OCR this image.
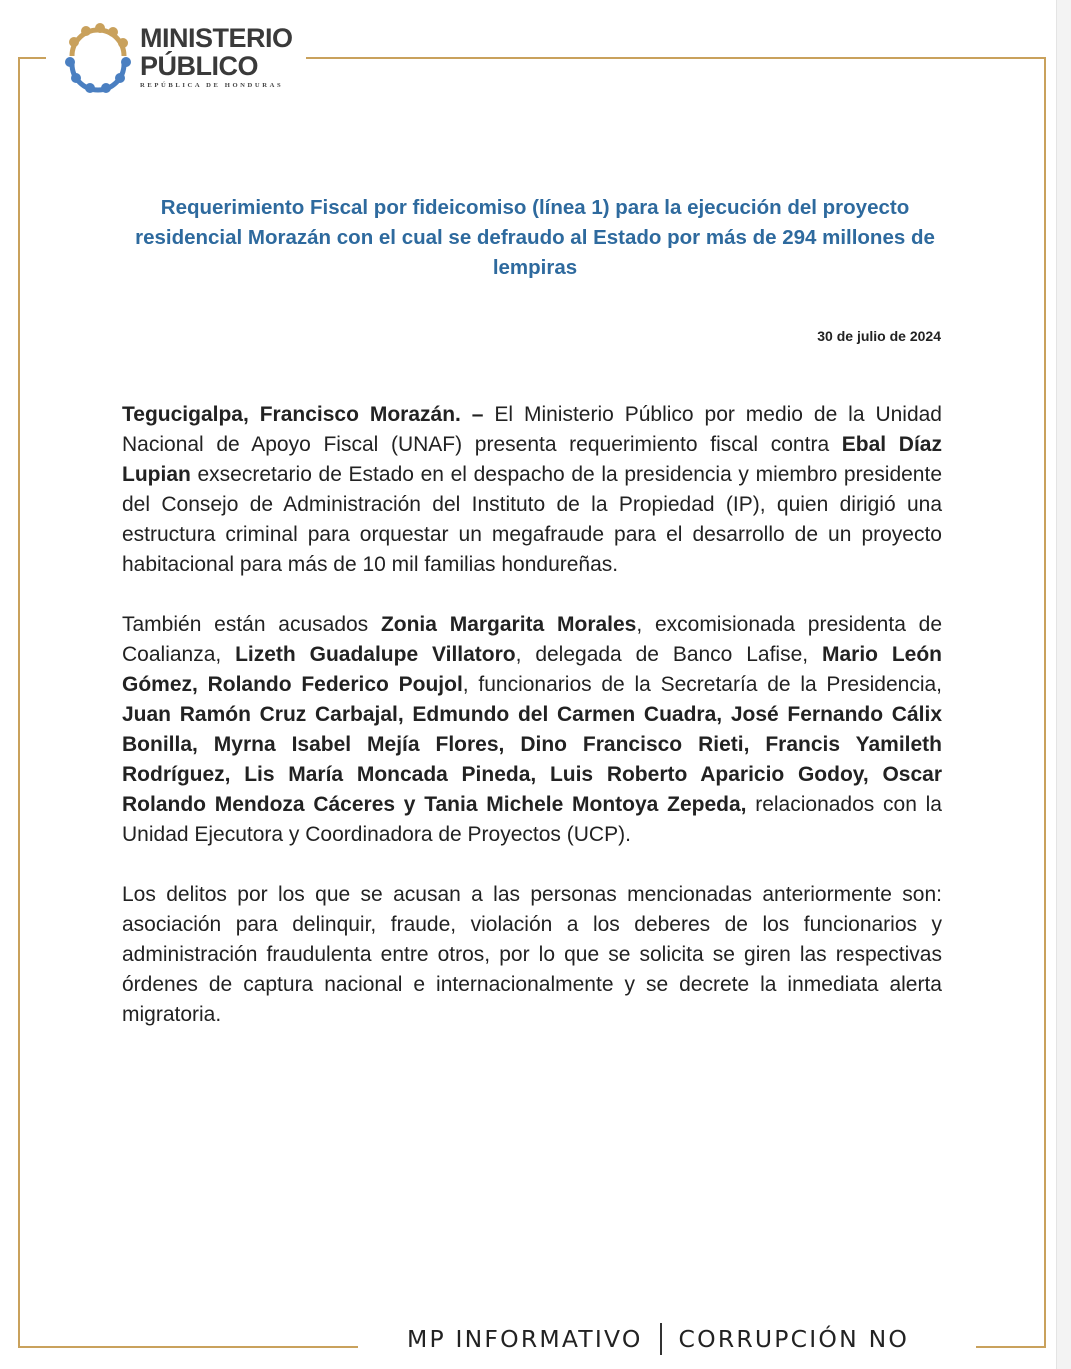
MINISTERIO
PÚBLICO
REPÚBLICA DE HONDURAS
Requerimiento Fiscal por fideicomiso (línea 1) para la ejecución del proyecto residencial Morazán con el cual se defraudo al Estado por más de 294 millones de lempiras
30 de julio de 2024

Tegucigalpa, Francisco Morazán. – El Ministerio Público por medio de la Unidad Nacional de Apoyo Fiscal (UNAF) presenta requerimiento fiscal contra Ebal Díaz Lupian exsecretario de Estado en el despacho de la presidencia y miembro presidente del Consejo de Administración del Instituto de la Propiedad (IP), quien dirigió una estructura criminal para orquestar un megafraude para el desarrollo de un proyecto habitacional para más de 10 mil familias hondureñas.

También están acusados Zonia Margarita Morales, excomisionada presidenta de Coalianza, Lizeth Guadalupe Villatoro, delegada de Banco Lafise, Mario León Gómez, Rolando Federico Poujol, funcionarios de la Secretaría de la Presidencia, Juan Ramón Cruz Carbajal, Edmundo del Carmen Cuadra, José Fernando Cálix Bonilla, Myrna Isabel Mejía Flores, Dino Francisco Rieti, Francis Yamileth Rodríguez, Lis María Moncada Pineda, Luis Roberto Aparicio Godoy, Oscar Rolando Mendoza Cáceres y Tania Michele Montoya Zepeda, relacionados con la Unidad Ejecutora y Coordinadora de Proyectos (UCP).

Los delitos por los que se acusan a las personas mencionadas anteriormente son: asociación para delinquir, fraude, violación a los deberes de los funcionarios y administración fraudulenta entre otros, por lo que se solicita se giren las respectivas órdenes de captura nacional e internacionalmente y se decrete la inmediata alerta migratoria.

MP INFORMATIVO CORRUPCIÓN NO
